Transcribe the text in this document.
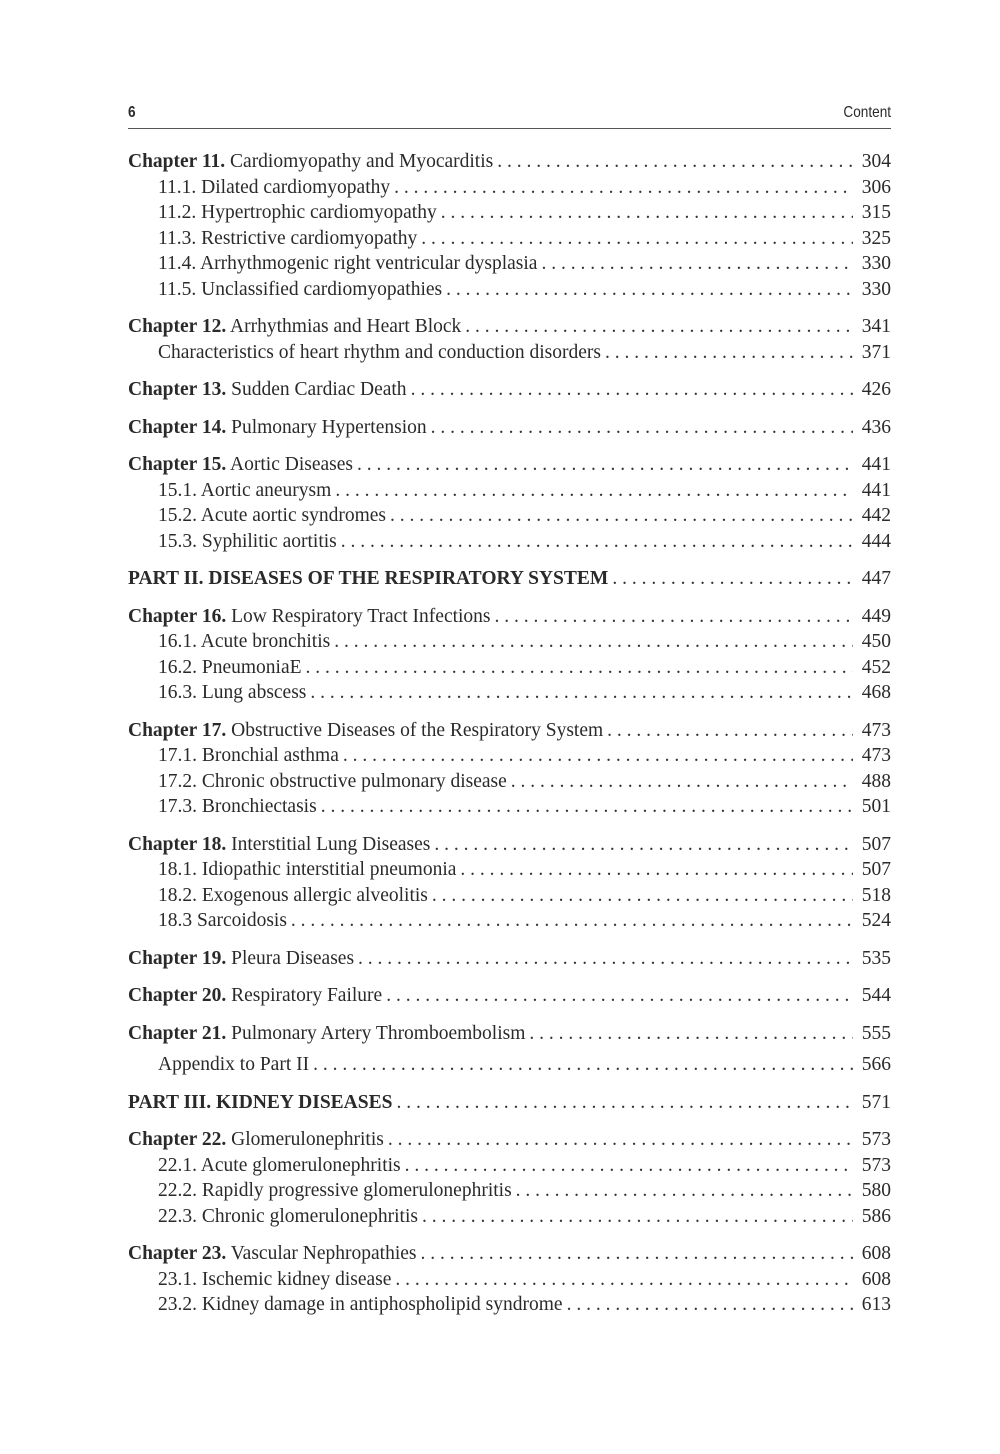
6	Content
Chapter 11. Cardiomyopathy and Myocarditis . . .	304
11.1. Dilated cardiomyopathy . . .	306
11.2. Hypertrophic cardiomyopathy . . .	315
11.3. Restrictive cardiomyopathy . . .	325
11.4. Arrhythmogenic right ventricular dysplasia . . .	330
11.5. Unclassified cardiomyopathies . . .	330
Chapter 12. Arrhythmias and Heart Block . . .	341
Characteristics of heart rhythm and conduction disorders . . .	371
Chapter 13. Sudden Cardiac Death . . .	426
Chapter 14. Pulmonary Hypertension . . .	436
Chapter 15. Aortic Diseases . . .	441
15.1. Aortic aneurysm . . .	441
15.2. Acute aortic syndromes . . .	442
15.3. Syphilitic aortitis . . .	444
PART II. DISEASES OF THE RESPIRATORY SYSTEM . . .	447
Chapter 16. Low Respiratory Tract Infections . . .	449
16.1. Acute bronchitis . . .	450
16.2. PneumoniaE . . .	452
16.3. Lung abscess . . .	468
Chapter 17. Obstructive Diseases of the Respiratory System . . .	473
17.1. Bronchial asthma . . .	473
17.2. Chronic obstructive pulmonary disease . . .	488
17.3. Bronchiectasis . . .	501
Chapter 18. Interstitial Lung Diseases . . .	507
18.1. Idiopathic interstitial pneumonia . . .	507
18.2. Exogenous allergic alveolitis . . .	518
18.3 Sarcoidosis . . .	524
Chapter 19. Pleura Diseases . . .	535
Chapter 20. Respiratory Failure . . .	544
Chapter 21. Pulmonary Artery Thromboembolism . . .	555
Appendix to Part II . . .	566
PART III. KIDNEY DISEASES . . .	571
Chapter 22. Glomerulonephritis . . .	573
22.1. Acute glomerulonephritis . . .	573
22.2. Rapidly progressive glomerulonephritis . . .	580
22.3. Chronic glomerulonephritis . . .	586
Chapter 23. Vascular Nephropathies . . .	608
23.1. Ischemic kidney disease . . .	608
23.2. Kidney damage in antiphospholipid syndrome . . .	613
